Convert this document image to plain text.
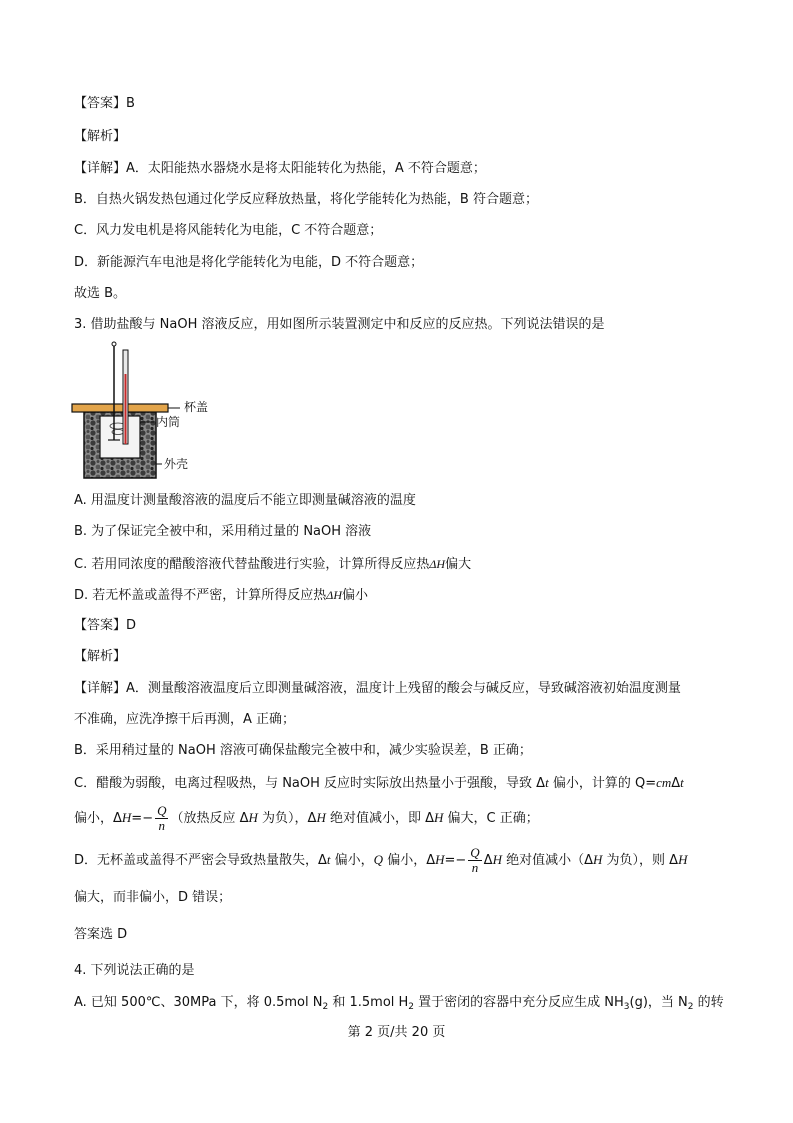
【答案】B
【解析】
【详解】A．太阳能热水器烧水是将太阳能转化为热能，A 不符合题意；
B．自热火锅发热包通过化学反应释放热量，将化学能转化为热能，B 符合题意；
C．风力发电机是将风能转化为电能，C 不符合题意；
D．新能源汽车电池是将化学能转化为电能，D 不符合题意；
故选 B。
3. 借助盐酸与 NaOH 溶液反应，用如图所示装置测定中和反应的反应热。下列说法错误的是
杯盖
内筒
外壳
A. 用温度计测量酸溶液的温度后不能立即测量碱溶液的温度
B. 为了保证完全被中和，采用稍过量的 NaOH 溶液
C. 若用同浓度的醋酸溶液代替盐酸进行实验，计算所得反应热ΔH偏大
D. 若无杯盖或盖得不严密，计算所得反应热ΔH偏小
【答案】D
【解析】
【详解】A．测量酸溶液温度后立即测量碱溶液，温度计上残留的酸会与碱反应，导致碱溶液初始温度测量
不准确，应洗净擦干后再测，A 正确；
B．采用稍过量的 NaOH 溶液可确保盐酸完全被中和，减少实验误差，B 正确；
C．醋酸为弱酸，电离过程吸热，与 NaOH 反应时实际放出热量小于强酸，导致 Δt 偏小，计算的 Q=cmΔt
偏小，$\Delta H=- \frac{Q}{n}$ （放热反应 ΔH 为负），ΔH 绝对值减小，即 ΔH 偏大，C 正确；
D．无杯盖或盖得不严密会导致热量散失，Δt 偏小，Q 偏小，$\Delta H=- \frac{Q}{n}$ ΔH 绝对值减小（ΔH 为负），则 ΔH
偏大，而非偏小，D 错误；
答案选 D
4. 下列说法正确的是
A. 已知 500℃、30MPa 下，将 0.5mol $N_2$ 和 1.5mol $H_2$ 置于密闭的容器中充分反应生成 $NH_3(g)$，当 $N_2$ 的转
第 2 页/共 20 页
